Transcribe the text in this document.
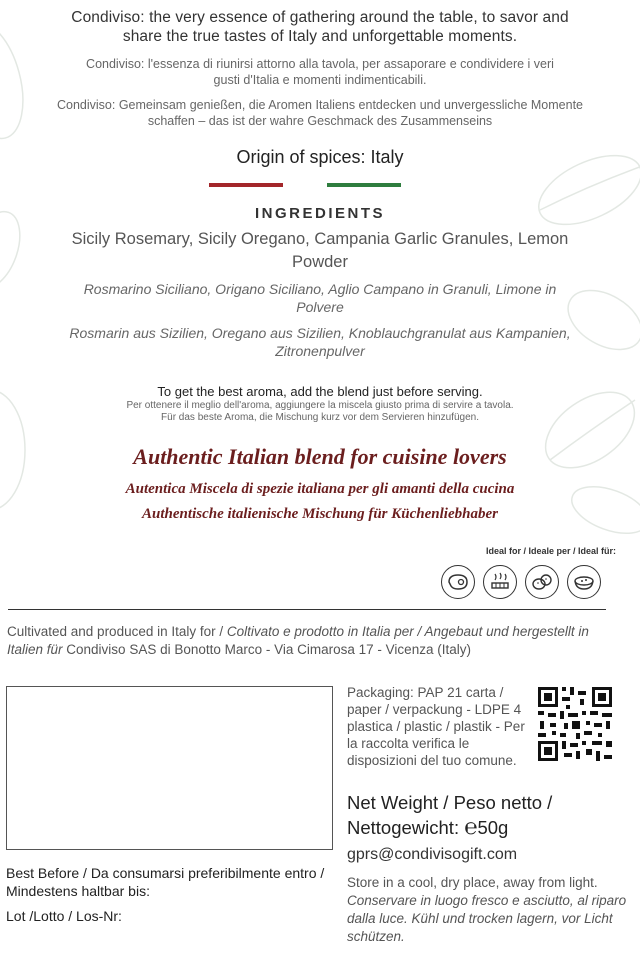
Condiviso: the very essence of gathering around the table, to savor and share the true tastes of Italy and unforgettable moments.
Condiviso: l'essenza di riunirsi attorno alla tavola, per assaporare e condividere i veri gusti d'Italia e momenti indimenticabili.
Condiviso: Gemeinsam genießen, die Aromen Italiens entdecken und unvergessliche Momente schaffen – das ist der wahre Geschmack des Zusammenseins
Origin of spices: Italy
INGREDIENTS
Sicily Rosemary, Sicily Oregano, Campania Garlic Granules, Lemon Powder
Rosmarino Siciliano, Origano Siciliano, Aglio Campano in Granuli, Limone in Polvere
Rosmarin aus Sizilien, Oregano aus Sizilien, Knoblauchgranulat aus Kampanien, Zitronenpulver
To get the best aroma, add the blend just before serving.
Per ottenere il meglio dell'aroma, aggiungere la miscela giusto prima di servire a tavola.
Für das beste Aroma, die Mischung kurz vor dem Servieren hinzufügen.
Authentic Italian blend for cuisine lovers
Autentica Miscela di spezie italiana per gli amanti della cucina
Authentische italienische Mischung für Küchenliebhaber
Ideal for / Ideale per / Ideal für:
Cultivated and produced in Italy for / Coltivato e prodotto in Italia per / Angebaut und hergestellt in Italien für Condiviso SAS di Bonotto Marco - Via Cimarosa 17 - Vicenza (Italy)
Packaging: PAP 21 carta / paper / verpackung - LDPE 4 plastica / plastic / plastik - Per la raccolta verifica le disposizioni del tuo comune.
Net Weight / Peso netto /
Nettogewicht: ℮50g
gprs@condivisogift.com
Store in a cool, dry place, away from light. Conservare in luogo fresco e asciutto, al riparo dalla luce. Kühl und trocken lagern, vor Licht schützen.
Best Before / Da consumarsi preferibilmente entro / Mindestens haltbar bis:
Lot /Lotto / Los-Nr:
